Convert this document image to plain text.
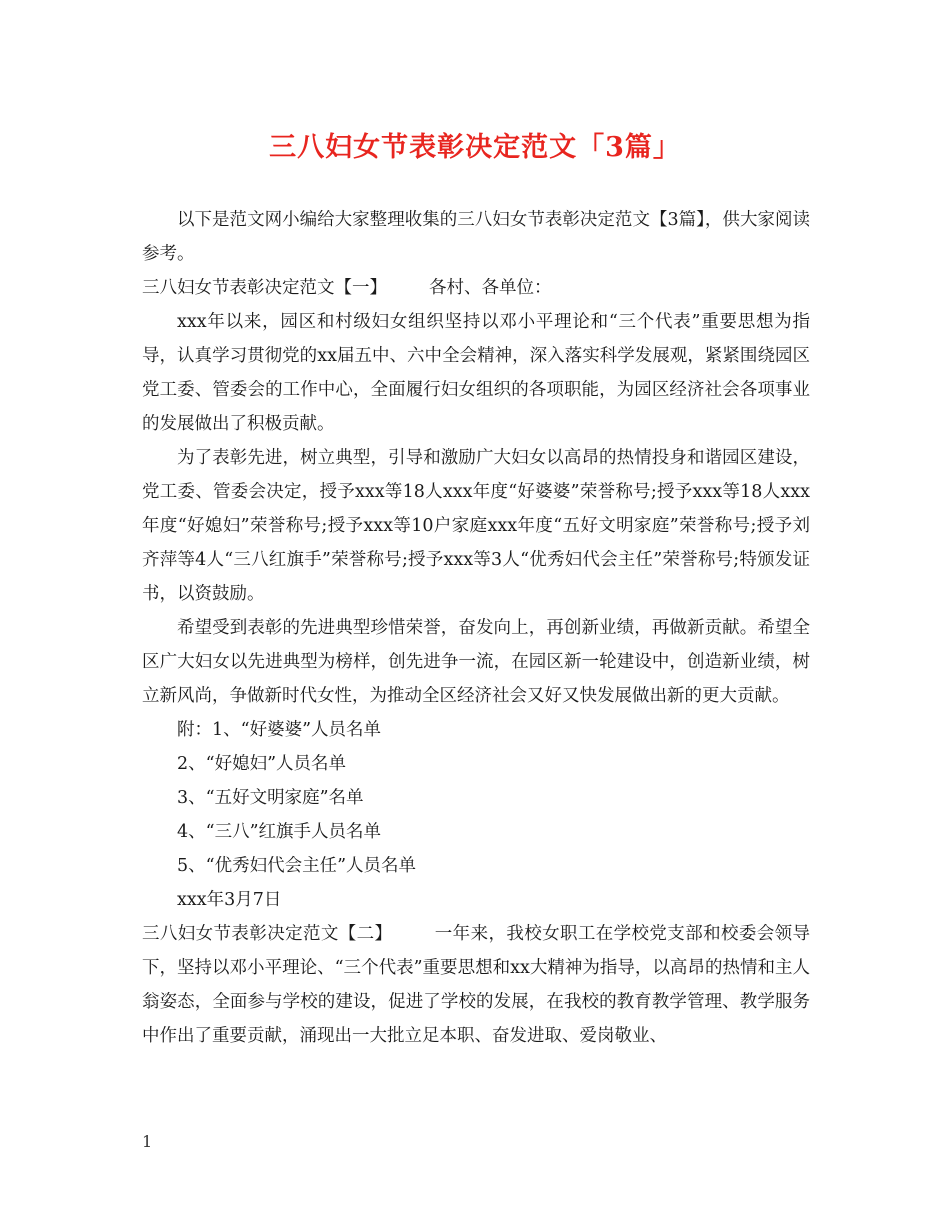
三八妇女节表彰决定范文「3篇」

以下是范文网小编给大家整理收集的三八妇女节表彰决定范文【3篇】，供大家阅读参考。

三八妇女节表彰决定范文【一】 各村、各单位：

xxx年以来，园区和村级妇女组织坚持以邓小平理论和“三个代表”重要思想为指导，认真学习贯彻党的xx届五中、六中全会精神，深入落实科学发展观，紧紧围绕园区党工委、管委会的工作中心，全面履行妇女组织的各项职能，为园区经济社会各项事业的发展做出了积极贡献。

为了表彰先进，树立典型，引导和激励广大妇女以高昂的热情投身和谐园区建设，党工委、管委会决定，授予xxx等18人xxx年度“好婆婆”荣誉称号;授予xxx等18人xxx年度“好媳妇”荣誉称号;授予xxx等10户家庭xxx年度“五好文明家庭”荣誉称号;授予刘齐萍等4人“三八红旗手”荣誉称号;授予xxx等3人“优秀妇代会主任”荣誉称号;特颁发证书，以资鼓励。

希望受到表彰的先进典型珍惜荣誉，奋发向上，再创新业绩，再做新贡献。希望全区广大妇女以先进典型为榜样，创先进争一流，在园区新一轮建设中，创造新业绩，树立新风尚，争做新时代女性，为推动全区经济社会又好又快发展做出新的更大贡献。

附：1、“好婆婆”人员名单

2、“好媳妇”人员名单

3、“五好文明家庭”名单

4、“三八”红旗手人员名单

5、“优秀妇代会主任”人员名单

xxx年3月7日

三八妇女节表彰决定范文【二】 一年来，我校女职工在学校党支部和校委会领导下，坚持以邓小平理论、“三个代表”重要思想和xx大精神为指导，以高昂的热情和主人翁姿态，全面参与学校的建设，促进了学校的发展，在我校的教育教学管理、教学服务中作出了重要贡献，涌现出一大批立足本职、奋发进取、爱岗敬业、

1
